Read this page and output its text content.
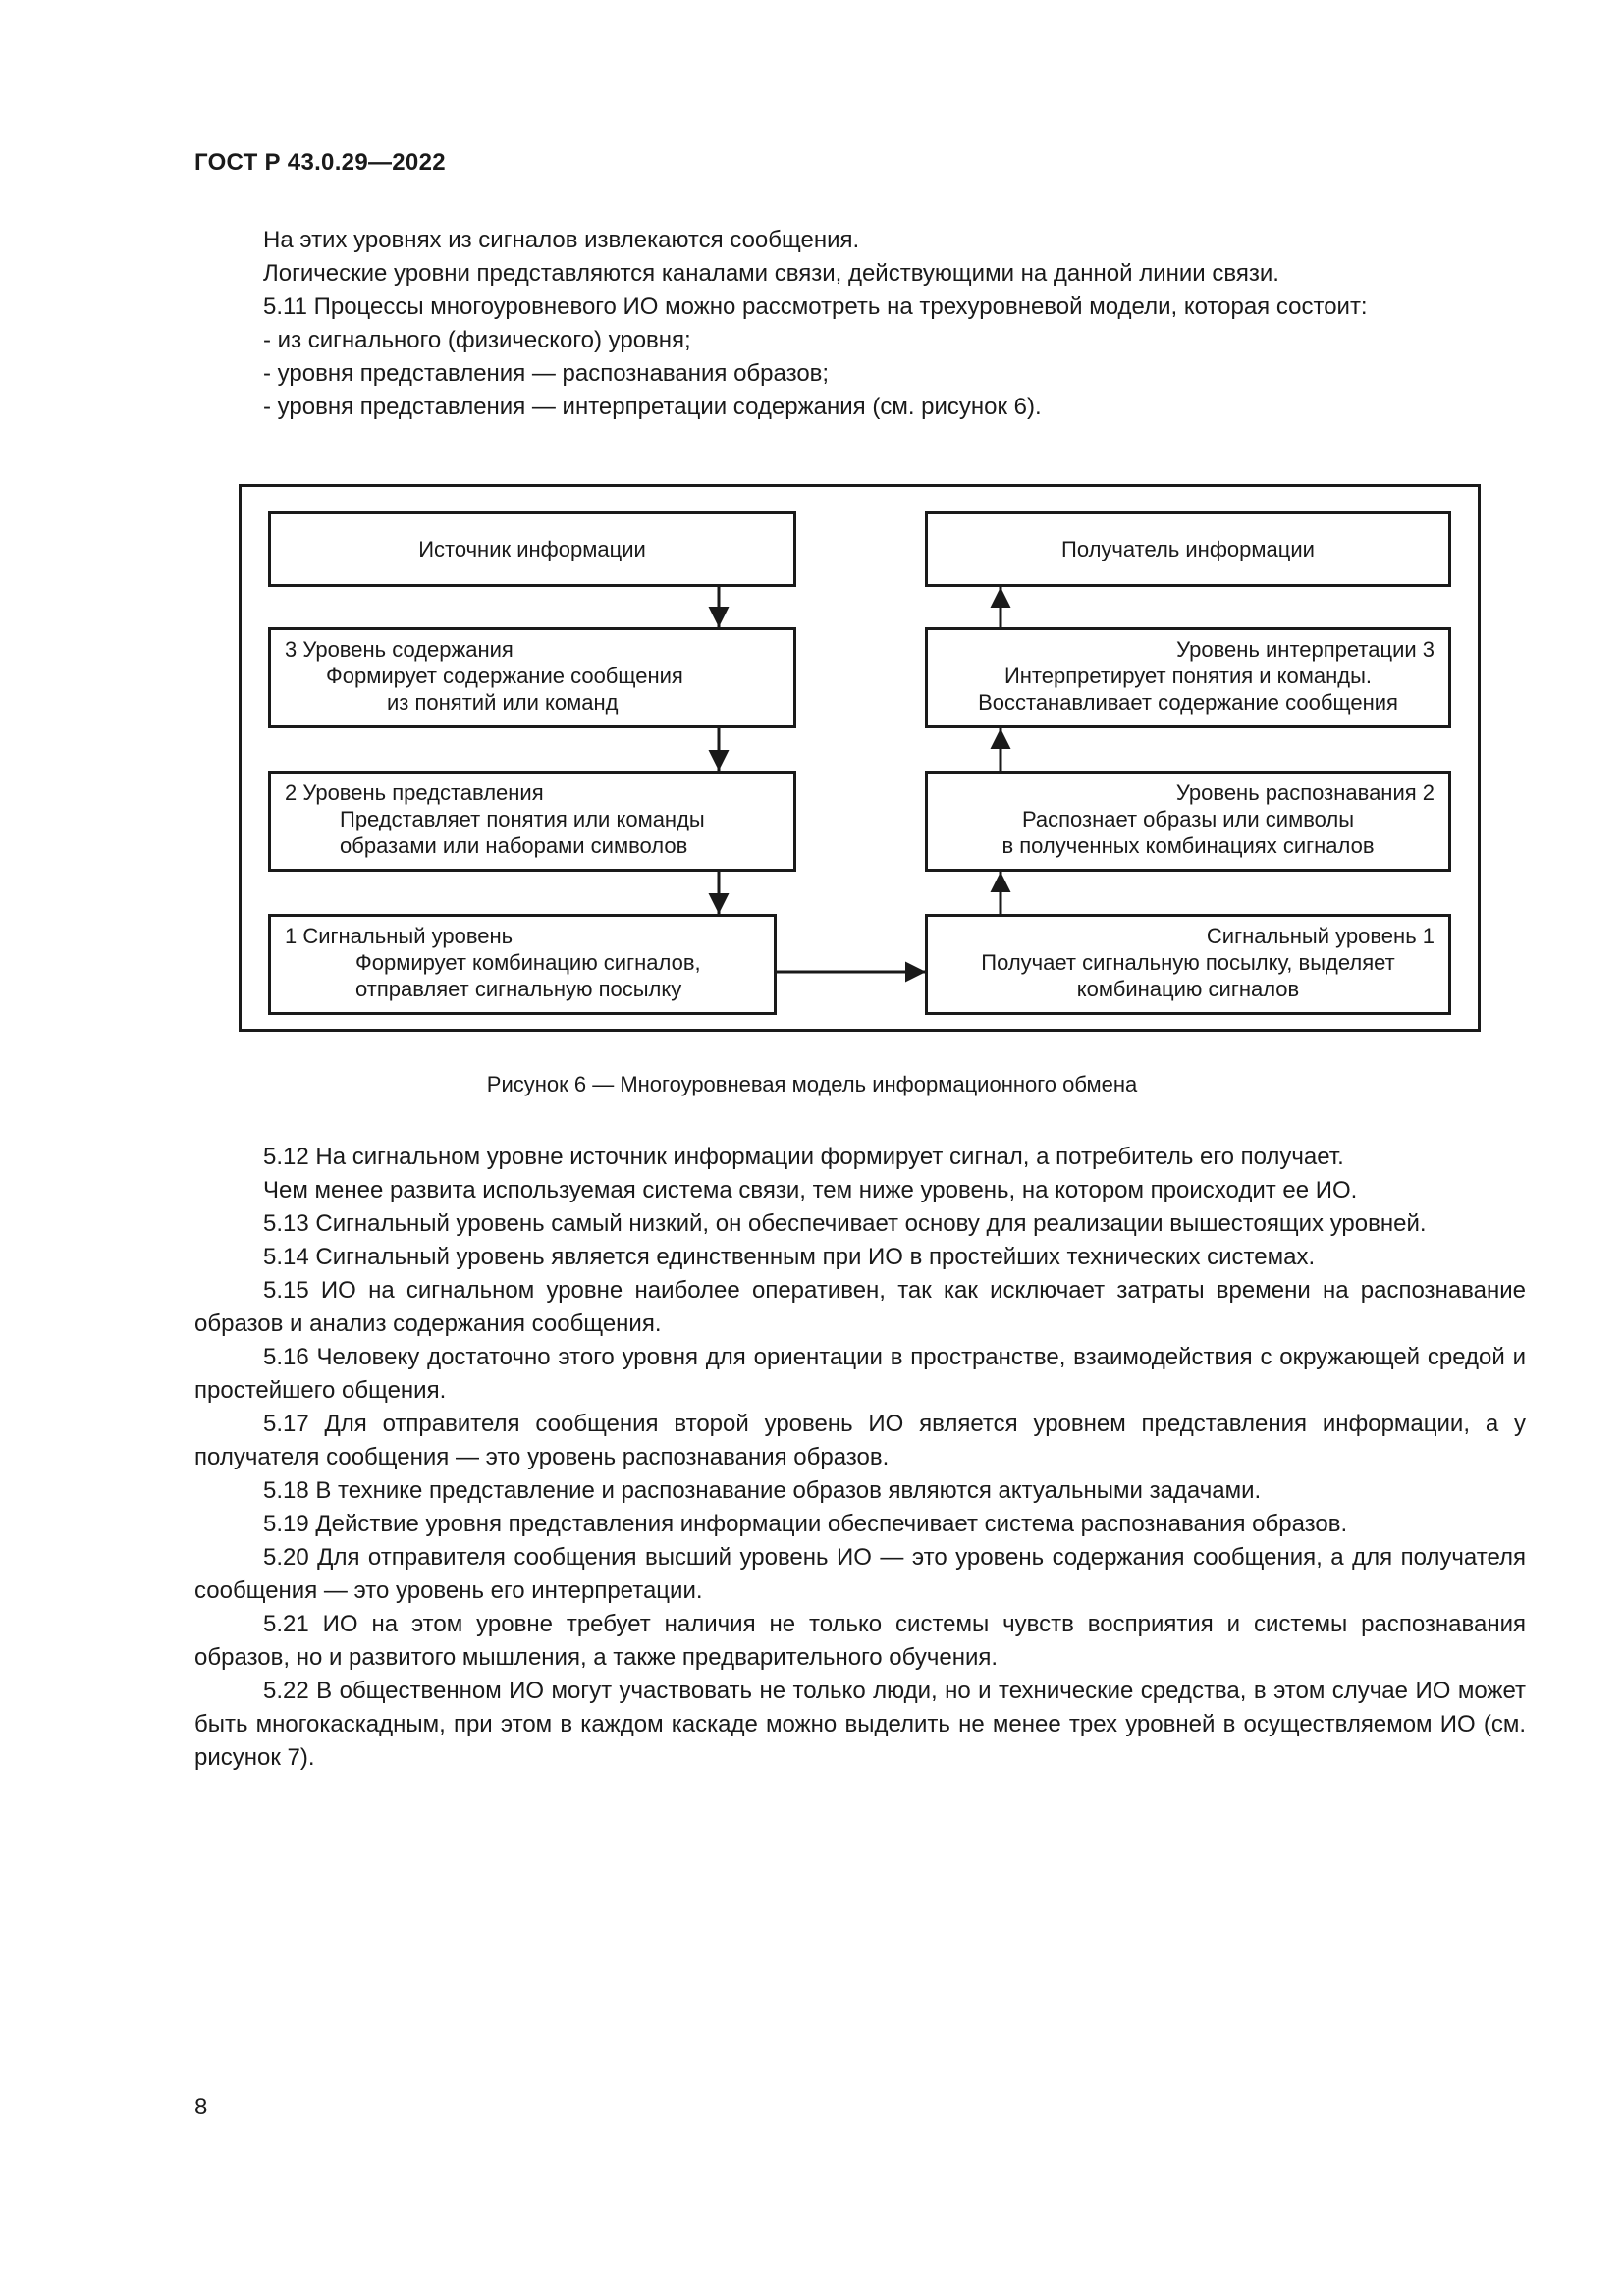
ГОСТ Р 43.0.29—2022
На этих уровнях из сигналов извлекаются сообщения.
Логические уровни представляются каналами связи, действующими на данной линии связи.
5.11 Процессы многоуровневого ИО можно рассмотреть на трехуровневой модели, которая состоит:
- из сигнального (физического) уровня;
- уровня представления — распознавания образов;
- уровня представления — интерпретации содержания (см. рисунок 6).
Источник информации	Получатель информации
3 Уровень содержания
Формирует содержание сообщения
из понятий или команд
Уровень интерпретации 3
Интерпретирует понятия и команды.
Восстанавливает содержание сообщения
2 Уровень представления
Представляет понятия или команды
образами или наборами символов
Уровень распознавания 2
Распознает образы или символы
в полученных комбинациях сигналов
1 Сигнальный уровень
Формирует комбинацию сигналов,
отправляет сигнальную посылку
Сигнальный уровень 1
Получает сигнальную посылку, выделяет
комбинацию сигналов
Рисунок 6 — Многоуровневая модель информационного обмена
5.12 На сигнальном уровне источник информации формирует сигнал, а потребитель его получает.
Чем менее развита используемая система связи, тем ниже уровень, на котором происходит ее ИО.
5.13 Сигнальный уровень самый низкий, он обеспечивает основу для реализации вышестоящих уровней.
5.14 Сигнальный уровень является единственным при ИО в простейших технических системах.
5.15 ИО на сигнальном уровне наиболее оперативен, так как исключает затраты времени на распознавание образов и анализ содержания сообщения.
5.16 Человеку достаточно этого уровня для ориентации в пространстве, взаимодействия с окружающей средой и простейшего общения.
5.17 Для отправителя сообщения второй уровень ИО является уровнем представления информации, а у получателя сообщения — это уровень распознавания образов.
5.18 В технике представление и распознавание образов являются актуальными задачами.
5.19 Действие уровня представления информации обеспечивает система распознавания образов.
5.20 Для отправителя сообщения высший уровень ИО — это уровень содержания сообщения, а для получателя сообщения — это уровень его интерпретации.
5.21 ИО на этом уровне требует наличия не только системы чувств восприятия и системы распознавания образов, но и развитого мышления, а также предварительного обучения.
5.22 В общественном ИО могут участвовать не только люди, но и технические средства, в этом случае ИО может быть многокаскадным, при этом в каждом каскаде можно выделить не менее трех уровней в осуществляемом ИО (см. рисунок 7).
8
